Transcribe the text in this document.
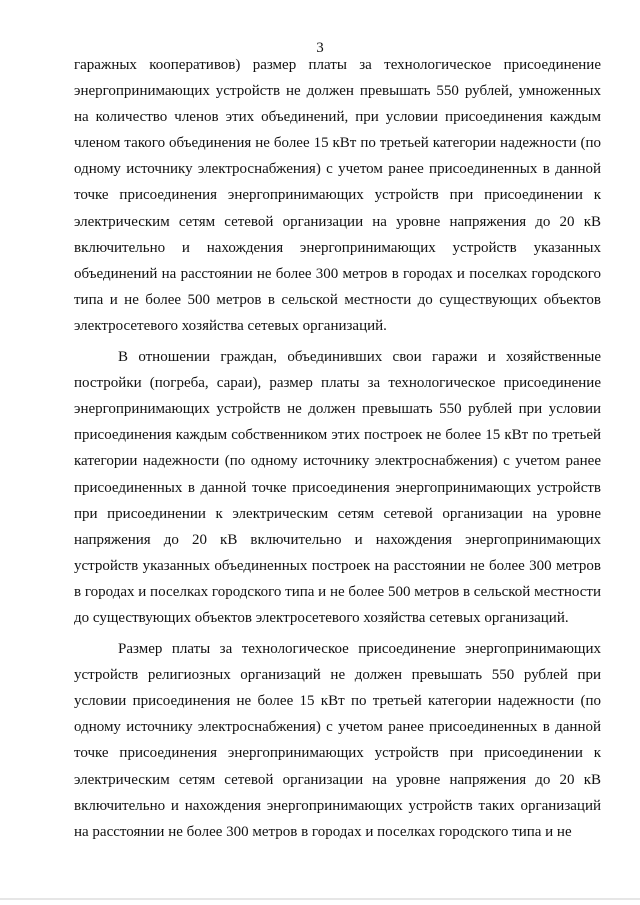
3

гаражных кооперативов) размер платы за технологическое присоединение энергопринимающих устройств не должен превышать 550 рублей, умноженных на количество членов этих объединений, при условии присоединения каждым членом такого объединения не более 15 кВт по третьей категории надежности (по одному источнику электроснабжения) с учетом ранее присоединенных в данной точке присоединения энергопринимающих устройств при присоединении к электрическим сетям сетевой организации на уровне напряжения до 20 кВ включительно и нахождения энергопринимающих устройств указанных объединений на расстоянии не более 300 метров в городах и поселках городского типа и не более 500 метров в сельской местности до существующих объектов электросетевого хозяйства сетевых организаций.

В отношении граждан, объединивших свои гаражи и хозяйственные постройки (погреба, сараи), размер платы за технологическое присоединение энергопринимающих устройств не должен превышать 550 рублей при условии присоединения каждым собственником этих построек не более 15 кВт по третьей категории надежности (по одному источнику электроснабжения) с учетом ранее присоединенных в данной точке присоединения энергопринимающих устройств при присоединении к электрическим сетям сетевой организации на уровне напряжения до 20 кВ включительно и нахождения энергопринимающих устройств указанных объединенных построек на расстоянии не более 300 метров в городах и поселках городского типа и не более 500 метров в сельской местности до существующих объектов электросетевого хозяйства сетевых организаций.

Размер платы за технологическое присоединение энергопринимающих устройств религиозных организаций не должен превышать 550 рублей при условии присоединения не более 15 кВт по третьей категории надежности (по одному источнику электроснабжения) с учетом ранее присоединенных в данной точке присоединения энергопринимающих устройств при присоединении к электрическим сетям сетевой организации на уровне напряжения до 20 кВ включительно и нахождения энергопринимающих устройств таких организаций на расстоянии не более 300 метров в городах и поселках городского типа и не
